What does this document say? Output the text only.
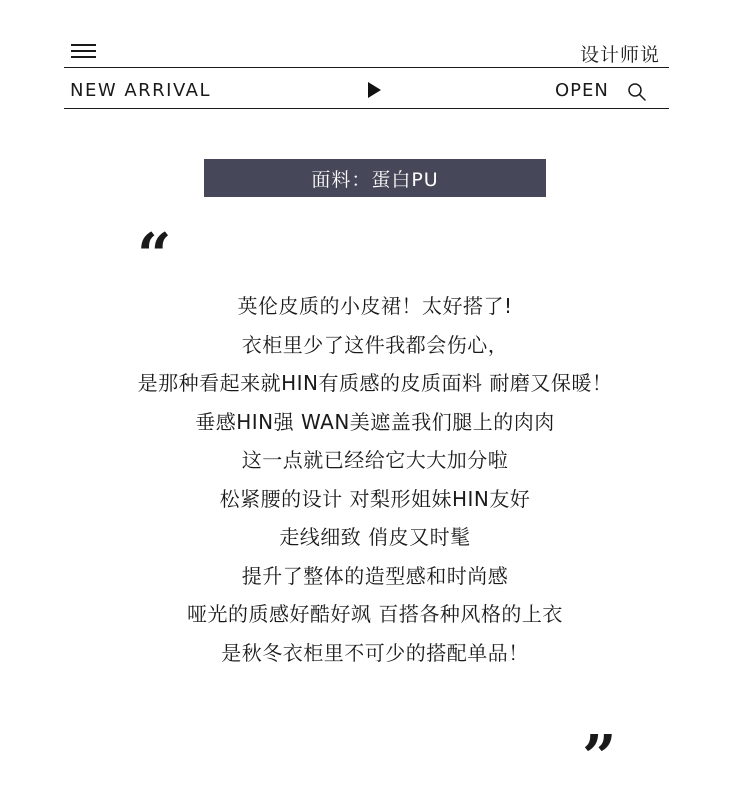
设计师说
NEW ARRIVAL	OPEN
面料：蛋白PU
“
英伦皮质的小皮裙！太好搭了!
衣柜里少了这件我都会伤心，
是那种看起来就HIN有质感的皮质面料 耐磨又保暖！
垂感HIN强 WAN美遮盖我们腿上的肉肉
这一点就已经给它大大加分啦
松紧腰的设计 对梨形姐妹HIN友好
走线细致 俏皮又时髦
提升了整体的造型感和时尚感
哑光的质感好酷好飒 百搭各种风格的上衣
是秋冬衣柜里不可少的搭配单品！
”
